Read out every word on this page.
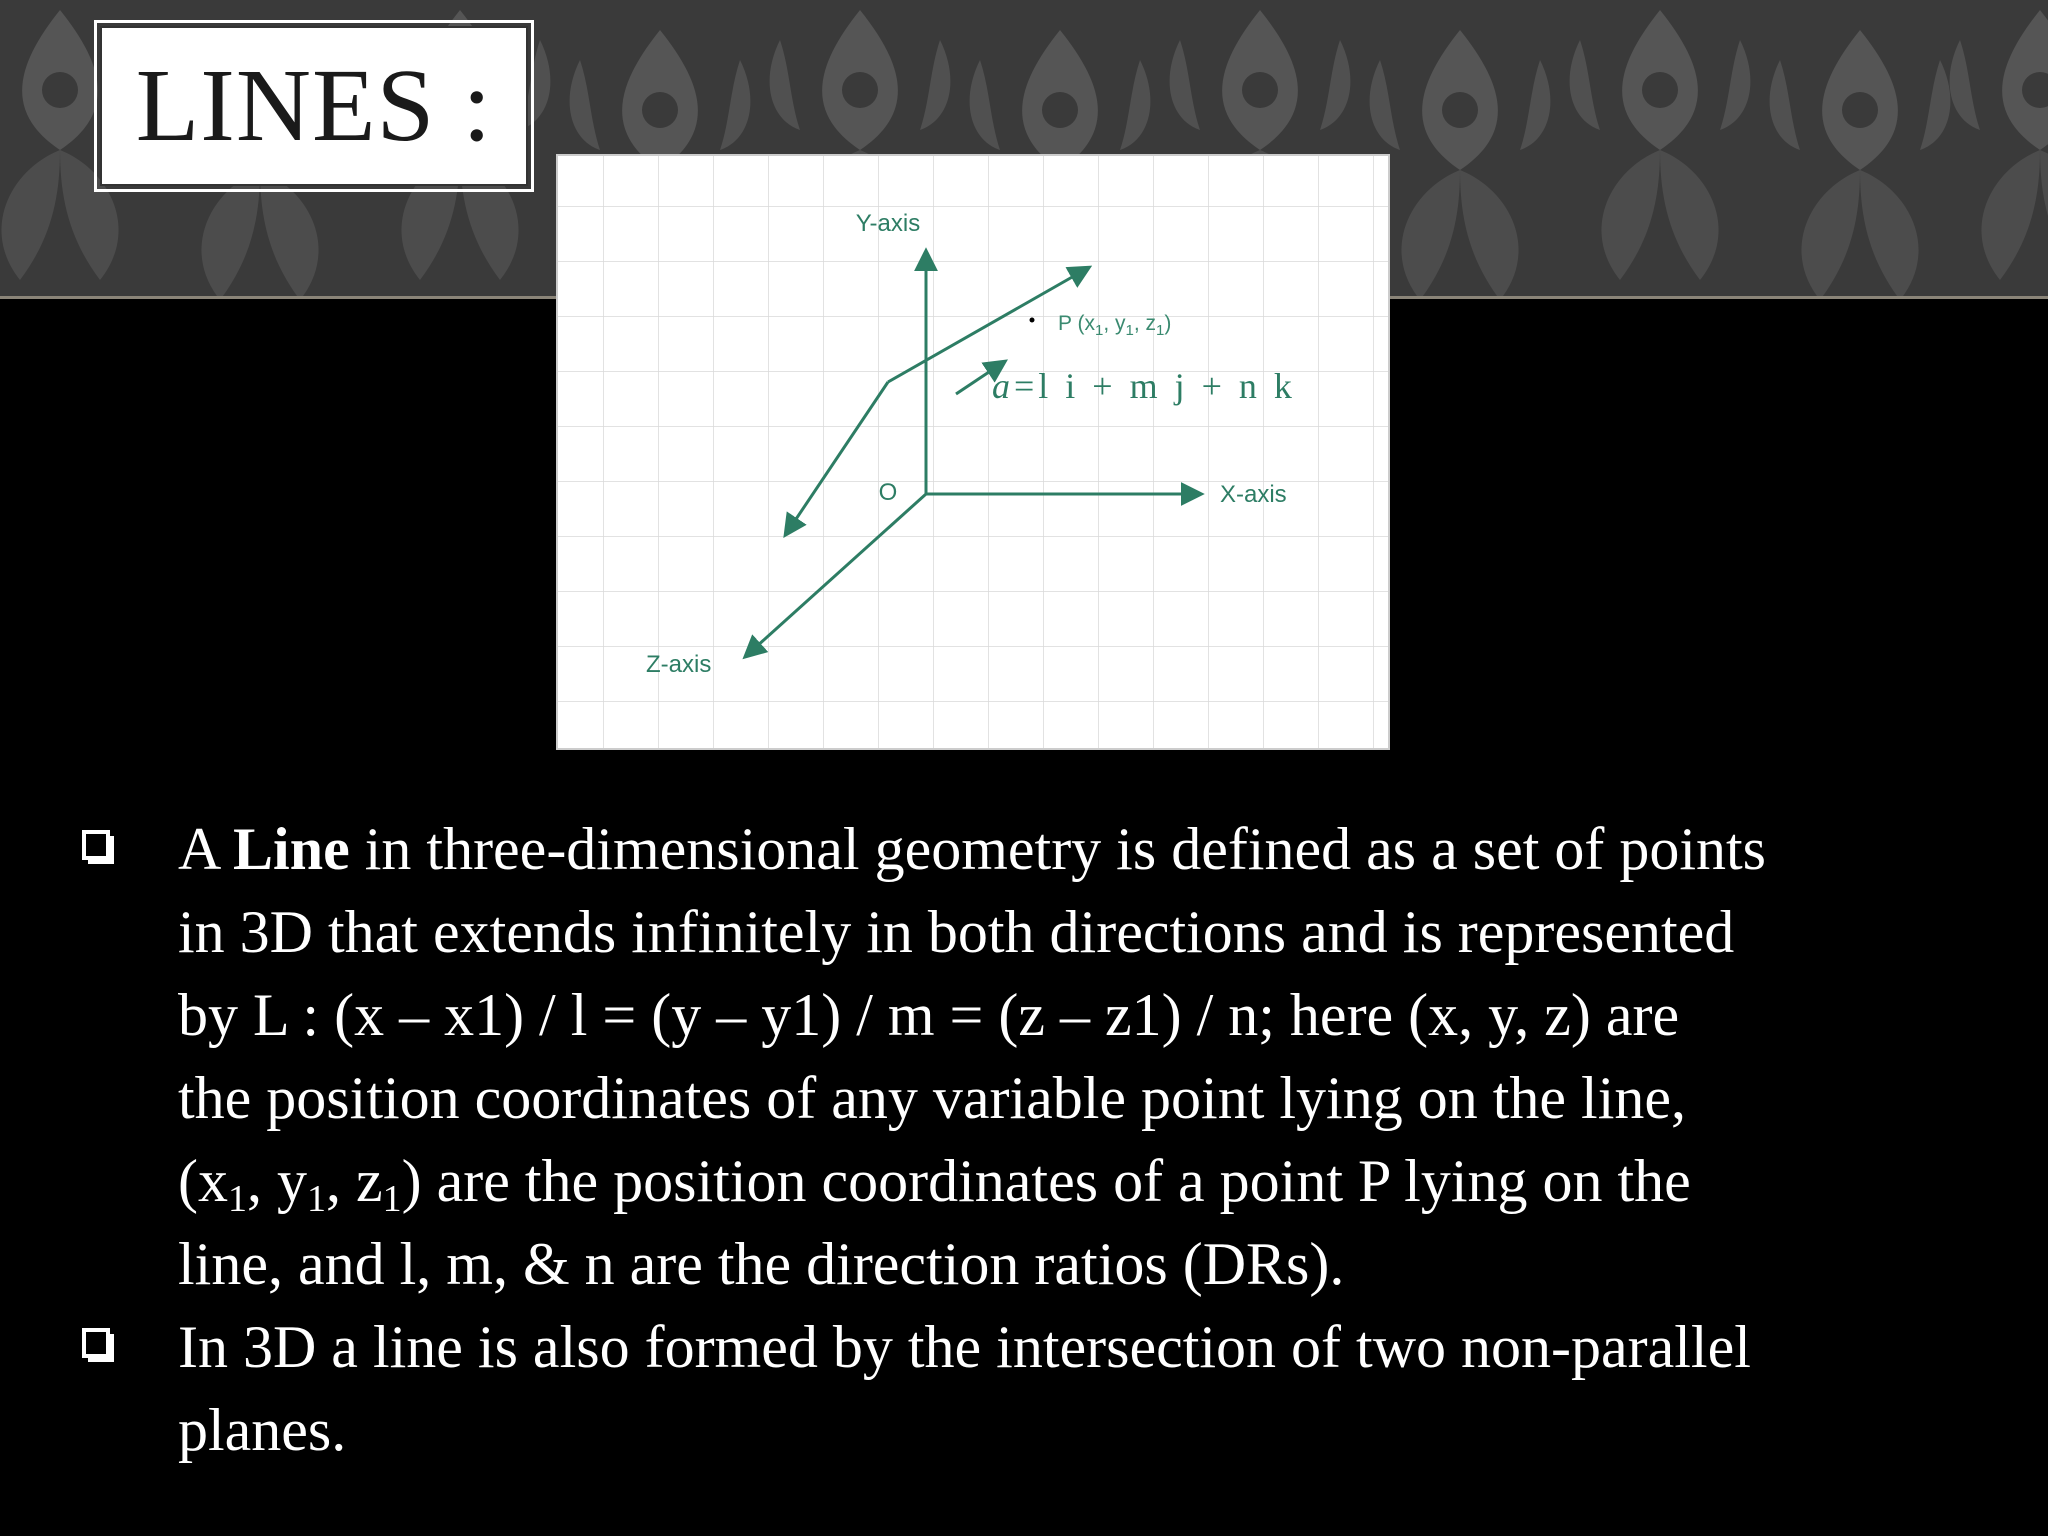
LINES :
Y-axis
X-axis
Z-axis
O
P ($x_1$, $y_1$, $z_1$)
a =l i + m j + n k

A Line in three-dimensional geometry is defined as a set of points
in 3D that extends infinitely in both directions and is represented
by L : (x – x1) / l = (y – y1) / m = (z – z1) / n; here (x, y, z) are
the position coordinates of any variable point lying on the line,
($x_1$, $y_1$, $z_1$) are the position coordinates of a point P lying on the
line, and l, m, & n are the direction ratios (DRs).

In 3D a line is also formed by the intersection of two non-parallel
planes.
